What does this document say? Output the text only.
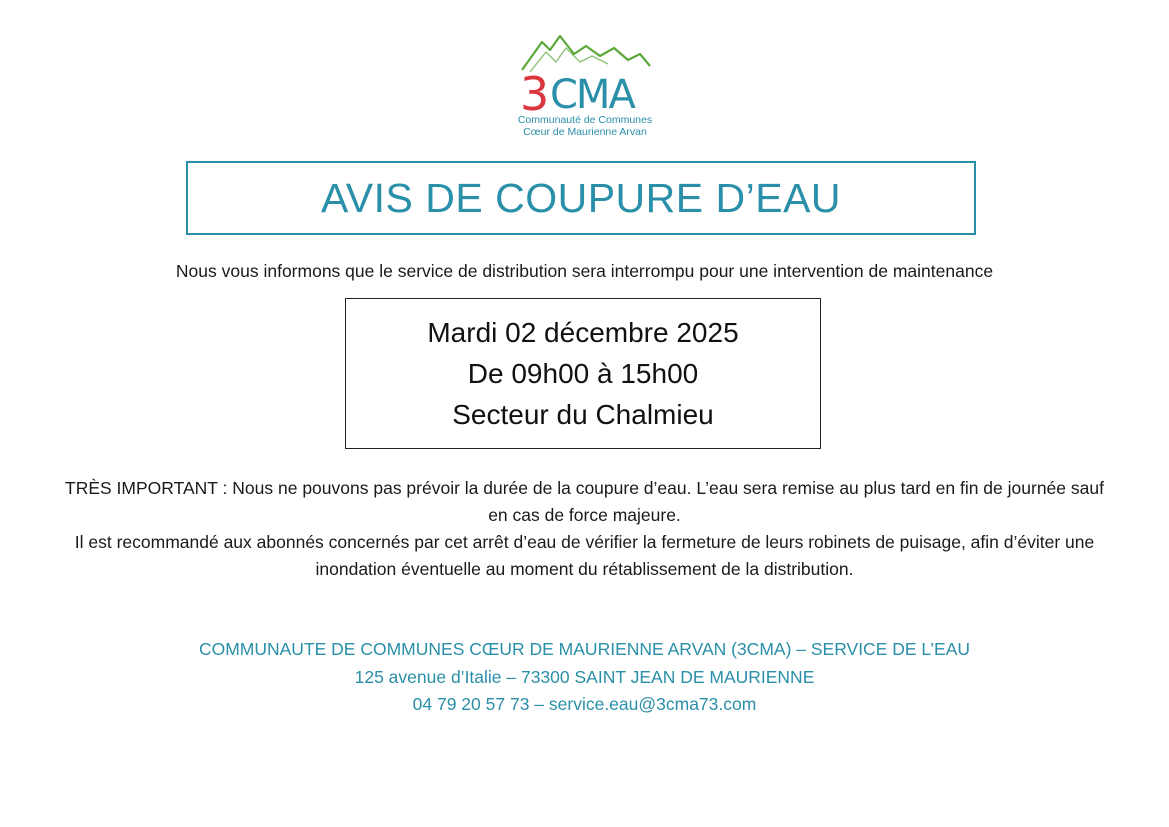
3 CMA
Communauté de Communes
Cœur de Maurienne Arvan
AVIS DE COUPURE D’EAU
Nous vous informons que le service de distribution sera interrompu pour une intervention de maintenance
Mardi 02 décembre 2025
De 09h00 à 15h00
Secteur du Chalmieu

TRÈS IMPORTANT : Nous ne pouvons pas prévoir la durée de la coupure d’eau. L’eau sera remise au plus tard en fin de journée sauf en cas de force majeure.

Il est recommandé aux abonnés concernés par cet arrêt d’eau de vérifier la fermeture de leurs robinets de puisage, afin d’éviter une inondation éventuelle au moment du rétablissement de la distribution.

COMMUNAUTE DE COMMUNES CŒUR DE MAURIENNE ARVAN (3CMA) – SERVICE DE L’EAU

125 avenue d’Italie – 73300 SAINT JEAN DE MAURIENNE

04 79 20 57 73 – service.eau@3cma73.com
